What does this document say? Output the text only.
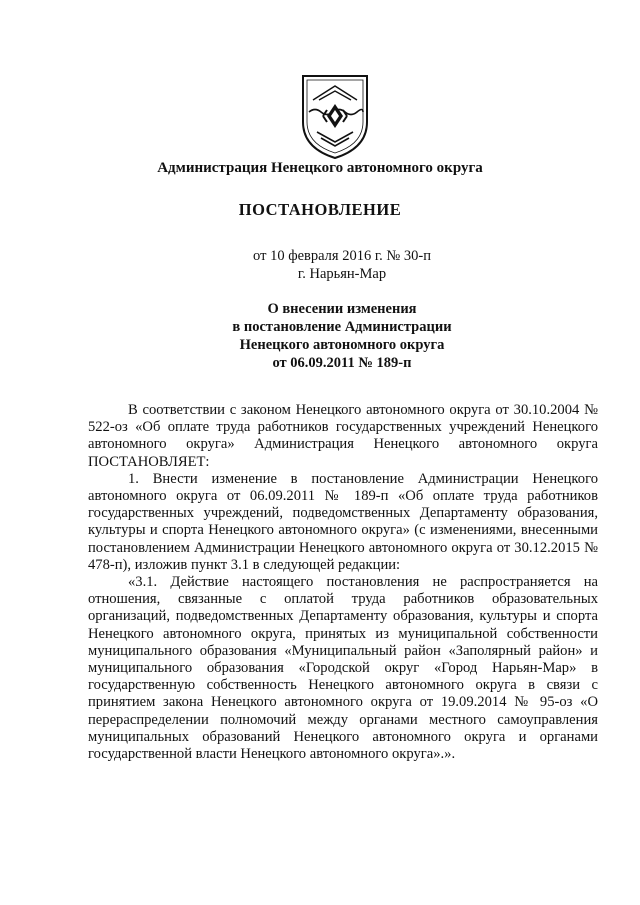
Администрация Ненецкого автономного округа
ПОСТАНОВЛЕНИЕ
от 10 февраля 2016 г. № 30-п
г. Нарьян-Мар
О внесении изменения
в постановление Администрации
Ненецкого автономного округа
от 06.09.2011 № 189-п

В соответствии с законом Ненецкого автономного округа от 30.10.2004 № 522-оз «Об оплате труда работников государственных учреждений Ненецкого автономного округа» Администрация Ненецкого автономного округа ПОСТАНОВЛЯЕТ:

1. Внести изменение в постановление Администрации Ненецкого автономного округа от 06.09.2011 № 189-п «Об оплате труда работников государственных учреждений, подведомственных Департаменту образования, культуры и спорта Ненецкого автономного округа» (с изменениями, внесенными постановлением Администрации Ненецкого автономного округа от 30.12.2015 № 478-п), изложив пункт 3.1 в следующей редакции:

«3.1. Действие настоящего постановления не распространяется на отношения, связанные с оплатой труда работников образовательных организаций, подведомственных Департаменту образования, культуры и спорта Ненецкого автономного округа, принятых из муниципальной собственности муниципального образования «Муниципальный район «Заполярный район» и муниципального образования «Городской округ «Город Нарьян-Мар» в государственную собственность Ненецкого автономного округа в связи с принятием закона Ненецкого автономного округа от 19.09.2014 № 95-оз «О перераспределении полномочий между органами местного самоуправления муниципальных образований Ненецкого автономного округа и органами государственной власти Ненецкого автономного округа».».
